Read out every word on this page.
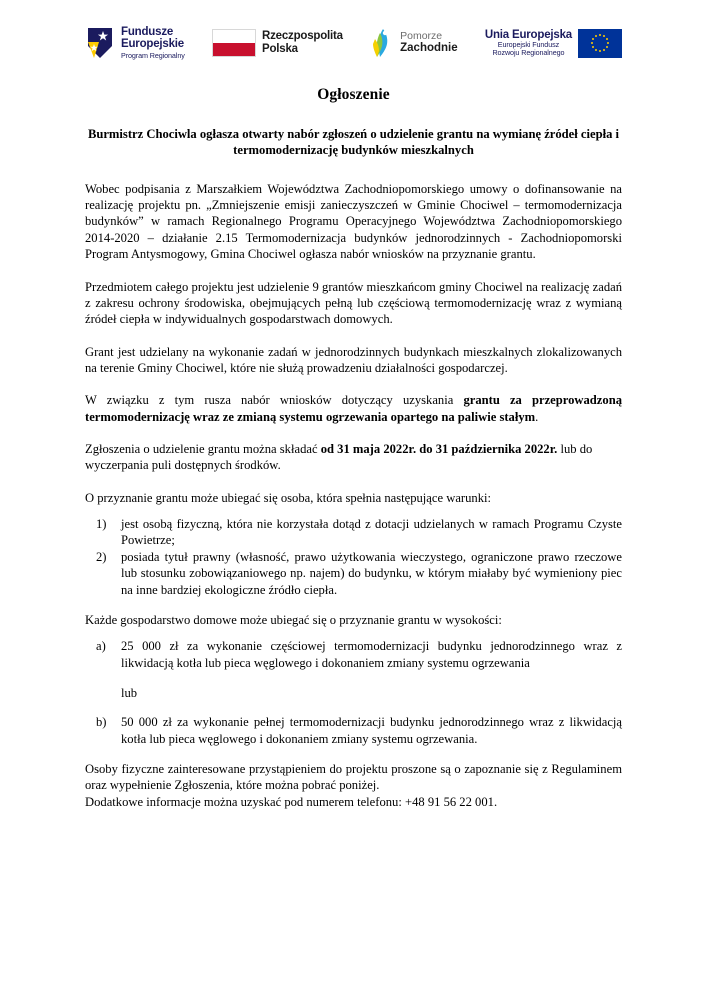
Fundusze
Europejskie
Program Regionalny
Rzeczpospolita
Polska
Pomorze
Zachodnie
Unia Europejska
Europejski Fundusz
Rozwoju Regionalnego
Ogłoszenie
Burmistrz Chociwla ogłasza otwarty nabór zgłoszeń o udzielenie grantu na wymianę źródeł ciepła i termomodernizację budynków mieszkalnych

Wobec podpisania z Marszałkiem Województwa Zachodniopomorskiego umowy o dofinansowanie na realizację projektu pn. „Zmniejszenie emisji zanieczyszczeń w Gminie Chociwel – termomodernizacja budynków” w ramach Regionalnego Programu Operacyjnego Województwa Zachodniopomorskiego 2014-2020 – działanie 2.15 Termomodernizacja budynków jednorodzinnych - Zachodniopomorski Program Antysmogowy, Gmina Chociwel ogłasza nabór wniosków na przyznanie grantu.

Przedmiotem całego projektu jest udzielenie 9 grantów mieszkańcom gminy Chociwel na realizację zadań z zakresu ochrony środowiska, obejmujących pełną lub częściową termomodernizację wraz z wymianą źródeł ciepła w indywidualnych gospodarstwach domowych.

Grant jest udzielany na wykonanie zadań w jednorodzinnych budynkach mieszkalnych zlokalizowanych na terenie Gminy Chociwel, które nie służą prowadzeniu działalności gospodarczej.

W związku z tym rusza nabór wniosków dotyczący uzyskania grantu za przeprowadzoną termomodernizację wraz ze zmianą systemu ogrzewania opartego na paliwie stałym.

Zgłoszenia o udzielenie grantu można składać od 31 maja 2022r. do 31 października 2022r. lub do wyczerpania puli dostępnych środków.

O przyznanie grantu może ubiegać się osoba, która spełnia następujące warunki:

1)	jest osobą fizyczną, która nie korzystała dotąd z dotacji udzielanych w ramach Programu Czyste Powietrze;
2)	posiada tytuł prawny (własność, prawo użytkowania wieczystego, ograniczone prawo rzeczowe lub stosunku zobowiązaniowego np. najem) do budynku, w którym miałaby być wymieniony piec na inne bardziej ekologiczne źródło ciepła.

Każde gospodarstwo domowe może ubiegać się o przyznanie grantu w wysokości:

a)	25 000 zł za wykonanie częściowej termomodernizacji budynku jednorodzinnego wraz z likwidacją kotła lub pieca węglowego i dokonaniem zmiany systemu ogrzewania
lub
b)	50 000 zł za wykonanie pełnej termomodernizacji budynku jednorodzinnego wraz z likwidacją kotła lub pieca węglowego i dokonaniem zmiany systemu ogrzewania.

Osoby fizyczne zainteresowane przystąpieniem do projektu proszone są o zapoznanie się z Regulaminem oraz wypełnienie Zgłoszenia, które można pobrać poniżej.

Dodatkowe informacje można uzyskać pod numerem telefonu: +48 91 56 22 001.
